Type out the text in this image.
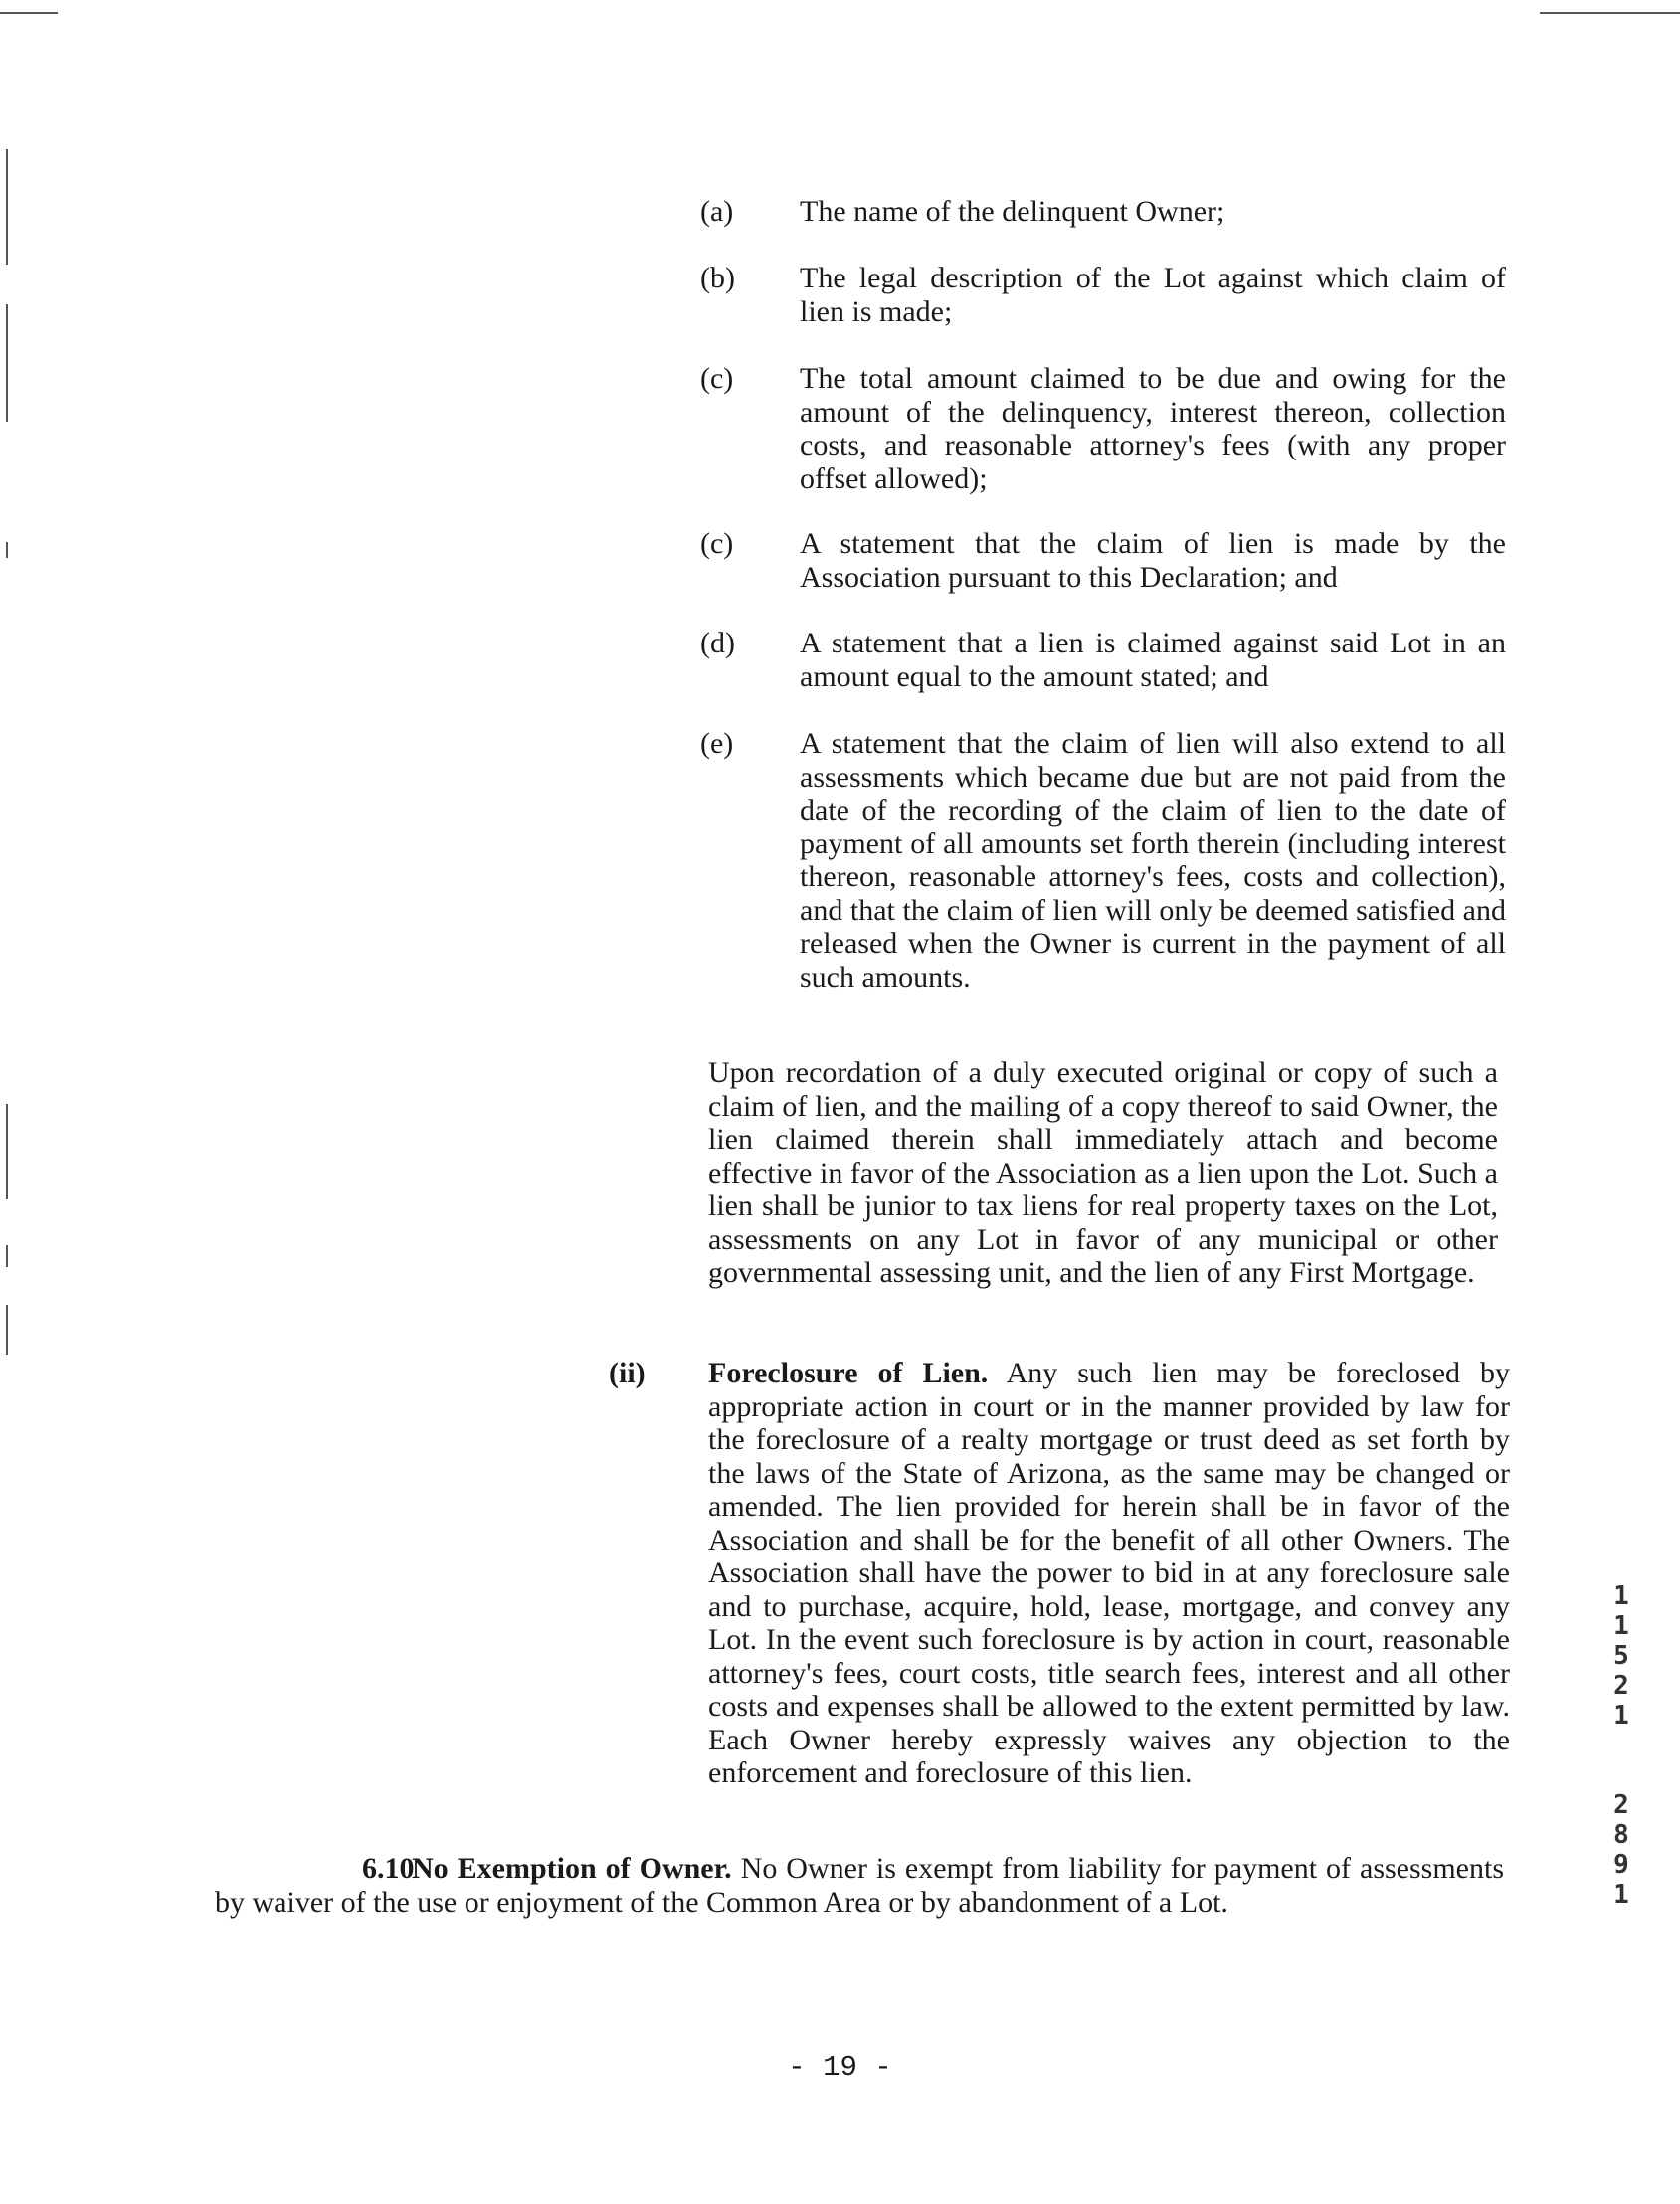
(a)	The name of the delinquent Owner;
(b)	The legal description of the Lot against which claim of lien is made;
(c)	The total amount claimed to be due and owing for the amount of the delinquency, interest thereon, collection costs, and reasonable attorney's fees (with any proper offset allowed);
(c)	A statement that the claim of lien is made by the Association pursuant to this Declaration; and
(d)	A statement that a lien is claimed against said Lot in an amount equal to the amount stated; and
(e)	A statement that the claim of lien will also extend to all assessments which became due but are not paid from the date of the recording of the claim of lien to the date of payment of all amounts set forth therein (including interest thereon, reasonable attorney's fees, costs and collection), and that the claim of lien will only be deemed satisfied and released when the Owner is current in the payment of all such amounts.

Upon recordation of a duly executed original or copy of such a claim of lien, and the mailing of a copy thereof to said Owner, the lien claimed therein shall immediately attach and become effective in favor of the Association as a lien upon the Lot. Such a lien shall be junior to tax liens for real property taxes on the Lot, assessments on any Lot in favor of any municipal or other governmental assessing unit, and the lien of any First Mortgage.

(ii) Foreclosure of Lien. Any such lien may be foreclosed by appropriate action in court or in the manner provided by law for the foreclosure of a realty mortgage or trust deed as set forth by the laws of the State of Arizona, as the same may be changed or amended. The lien provided for herein shall be in favor of the Association and shall be for the benefit of all other Owners. The Association shall have the power to bid in at any foreclosure sale and to purchase, acquire, hold, lease, mortgage, and convey any Lot. In the event such foreclosure is by action in court, reasonable attorney's fees, court costs, title search fees, interest and all other costs and expenses shall be allowed to the extent permitted by law. Each Owner hereby expressly waives any objection to the enforcement and foreclosure of this lien.
6.10No Exemption of Owner. No Owner is exempt from liability for payment of assessments by waiver of the use or enjoyment of the Common Area or by abandonment of a Lot.
- 19 -
1
1
5
2
1
2
8
9
1
